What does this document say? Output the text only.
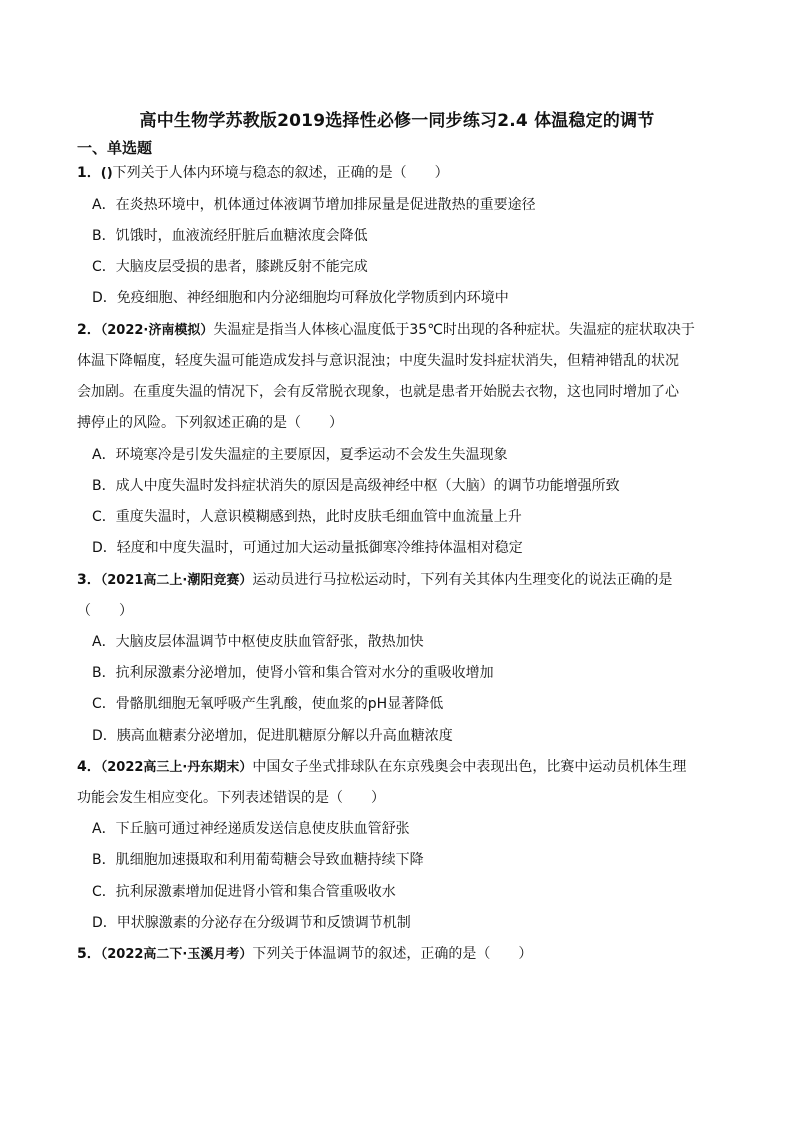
高中生物学苏教版2019选择性必修一同步练习2.4 体温稳定的调节
一、单选题
1．()下列关于人体内环境与稳态的叙述，正确的是（　　）
A．在炎热环境中，机体通过体液调节增加排尿量是促进散热的重要途径
B．饥饿时，血液流经肝脏后血糖浓度会降低
C．大脑皮层受损的患者，膝跳反射不能完成
D．免疫细胞、神经细胞和内分泌细胞均可释放化学物质到内环境中
2．（2022·济南模拟）失温症是指当人体核心温度低于35℃时出现的各种症状。失温症的症状取决于
体温下降幅度，轻度失温可能造成发抖与意识混浊；中度失温时发抖症状消失，但精神错乱的状况
会加剧。在重度失温的情况下，会有反常脱衣现象，也就是患者开始脱去衣物，这也同时增加了心
搏停止的风险。下列叙述正确的是（　　）
A．环境寒冷是引发失温症的主要原因，夏季运动不会发生失温现象
B．成人中度失温时发抖症状消失的原因是高级神经中枢（大脑）的调节功能增强所致
C．重度失温时，人意识模糊感到热，此时皮肤毛细血管中血流量上升
D．轻度和中度失温时，可通过加大运动量抵御寒冷维持体温相对稳定
3．（2021高二上·潮阳竞赛）运动员进行马拉松运动时，下列有关其体内生理变化的说法正确的是
（　　）
A．大脑皮层体温调节中枢使皮肤血管舒张，散热加快
B．抗利尿激素分泌增加，使肾小管和集合管对水分的重吸收增加
C．骨骼肌细胞无氧呼吸产生乳酸，使血浆的pH显著降低
D．胰高血糖素分泌增加，促进肌糖原分解以升高血糖浓度
4．（2022高三上·丹东期末）中国女子坐式排球队在东京残奥会中表现出色，比赛中运动员机体生理
功能会发生相应变化。下列表述错误的是（　　）
A．下丘脑可通过神经递质发送信息使皮肤血管舒张
B．肌细胞加速摄取和利用葡萄糖会导致血糖持续下降
C．抗利尿激素增加促进肾小管和集合管重吸收水
D．甲状腺激素的分泌存在分级调节和反馈调节机制
5．（2022高二下·玉溪月考）下列关于体温调节的叙述，正确的是（　　）
